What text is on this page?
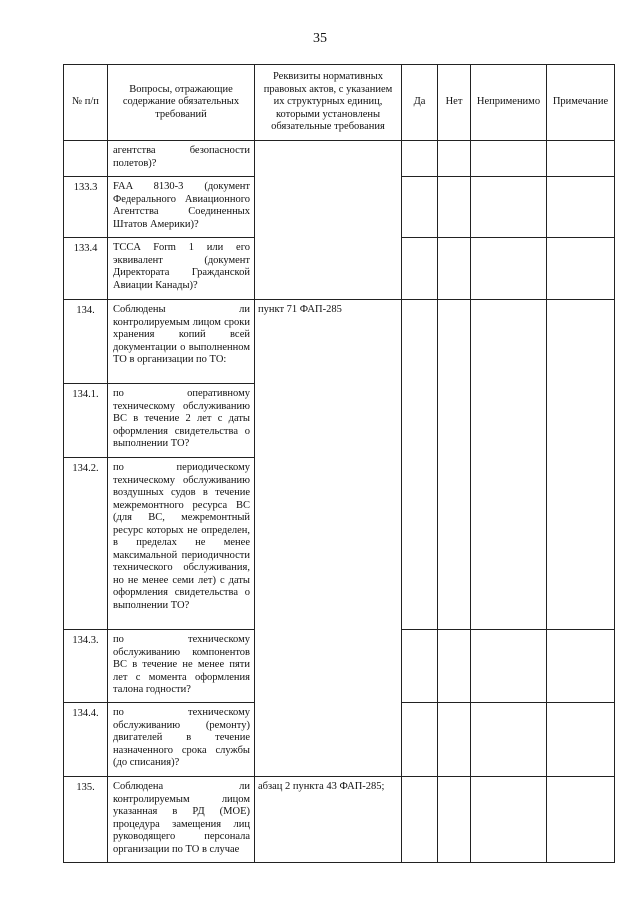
35
№ п/п	Вопросы, отражающие содержание обязательных требований	Реквизиты нормативных правовых актов, с указанием их структурных единиц, которыми установлены обязательные требования	Да	Нет	Неприменимо	Примечание

	агентства безопасности полетов)?					

133.3	FAA 8130-3 (документ Федерального Авиационного Агентства Соединенных Штатов Америки)?					

133.4	TCCA Form 1 или его эквивалент (документ Директората Гражданской Авиации Канады)?					

134.	Соблюдены ли контролируемым лицом сроки хранения копий всей документации о выполненном ТО в организации по ТО:	пункт 71 ФАП-285				
134.1.	по оперативному техническому обслуживанию ВС в течение 2 лет с даты оформления свидетельства о выполнении ТО?					

134.2.	по периодическому техническому обслуживанию воздушных судов в течение межремонтного ресурса ВС (для ВС, межремонтный ресурс которых не определен, в пределах не менее максимальной периодичности технического обслуживания, но не менее семи лет) с даты оформления свидетельства о выполнении ТО?					

134.3.	по техническому обслуживанию компонентов ВС в течение не менее пяти лет с момента оформления талона годности?					

134.4.	по техническому обслуживанию (ремонту) двигателей в течение назначенного срока службы (до списания)?					

135.	Соблюдена ли контролируемым лицом указанная в РД (МОЕ) процедура замещения лиц руководящего персонала организации по ТО в случае	абзац 2 пункта 43 ФАП-285;				
